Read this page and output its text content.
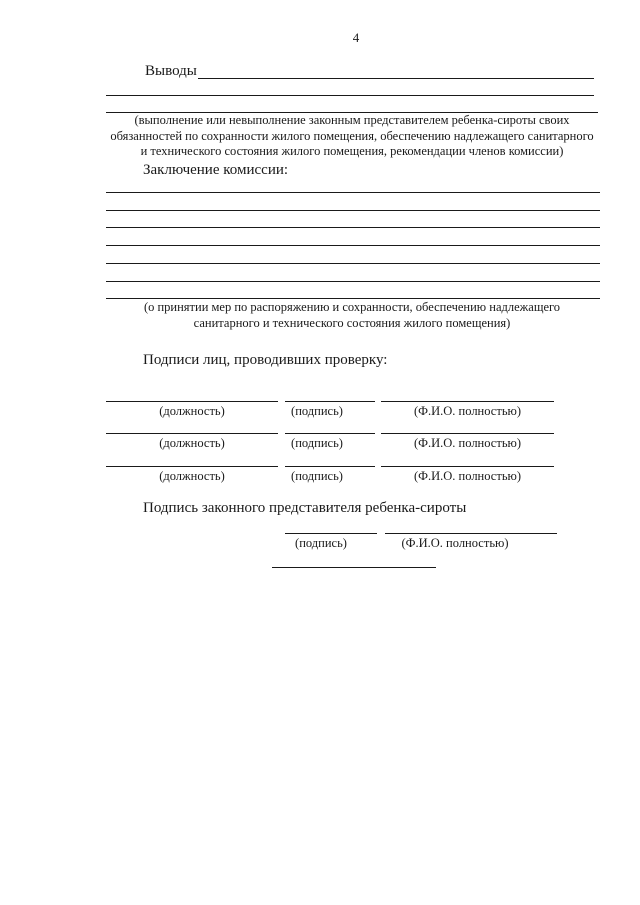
4
Выводы
(выполнение или невыполнение законным представителем ребенка-сироты своих
обязанностей по сохранности жилого помещения, обеспечению надлежащего санитарного
и технического состояния жилого помещения, рекомендации членов комиссии)
Заключение комиссии:
(о принятии мер по распоряжению и сохранности, обеспечению надлежащего
санитарного и технического состояния жилого помещения)
Подписи лиц, проводивших проверку:
(должность)	(подпись)	(Ф.И.О. полностью)
(должность)	(подпись)	(Ф.И.О. полностью)
(должность)	(подпись)	(Ф.И.О. полностью)
Подпись законного представителя ребенка-сироты
(подпись)	(Ф.И.О. полностью)
